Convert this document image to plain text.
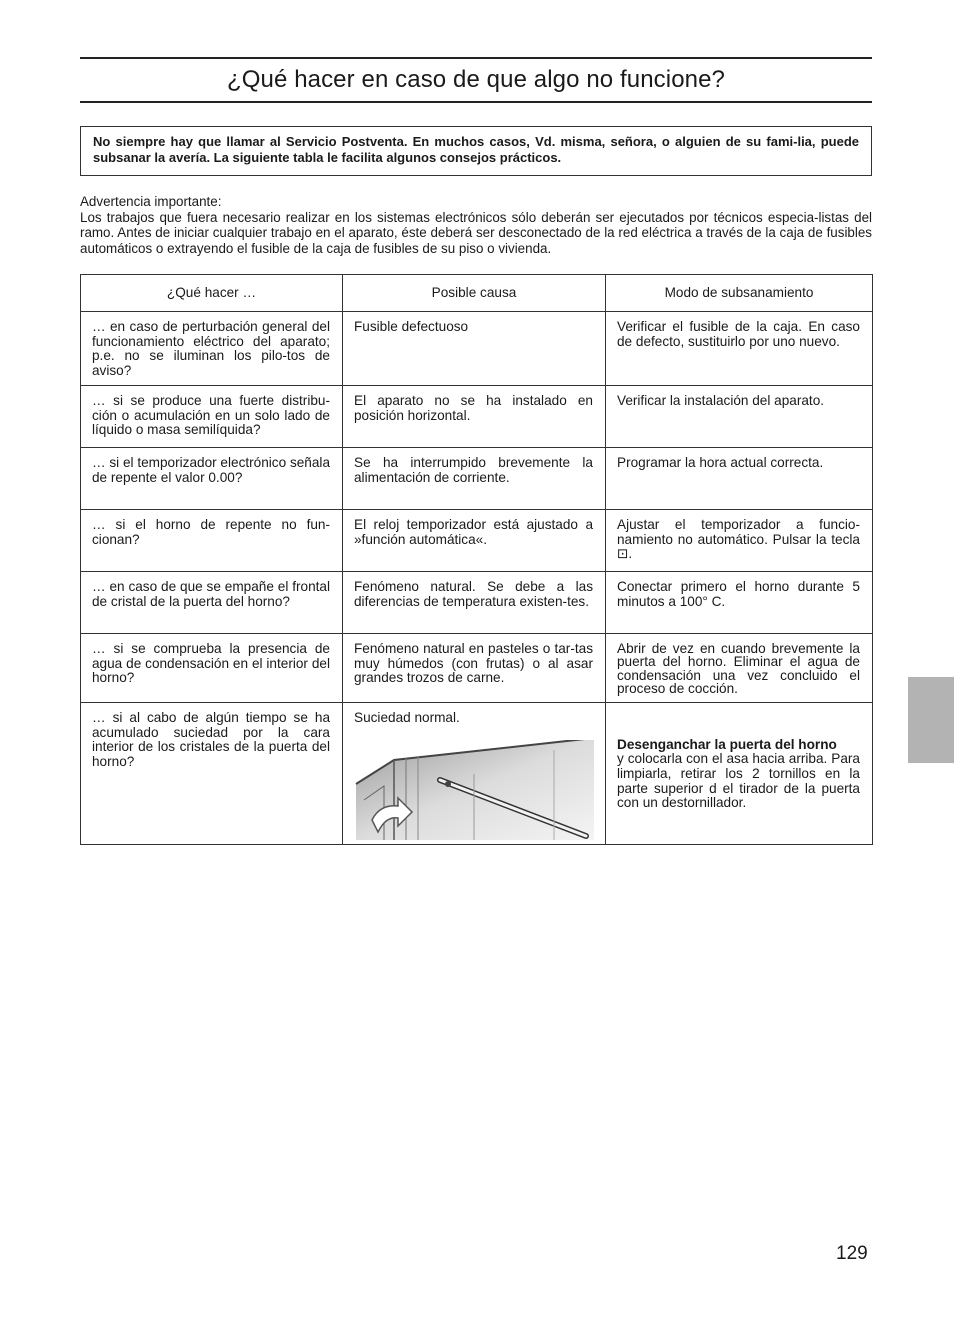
¿Qué hacer en caso de que algo no funcione?
No siempre hay que llamar al Servicio Postventa. En muchos casos, Vd. misma, señora, o alguien de su fami-lia, puede subsanar la avería. La siguiente tabla le facilita algunos consejos prácticos.
Advertencia importante:
Los trabajos que fuera necesario realizar en los sistemas electrónicos sólo deberán ser ejecutados por técnicos especia-listas del ramo. Antes de iniciar cualquier trabajo en el aparato, éste deberá ser desconectado de la red eléctrica a través de la caja de fusibles automáticos o extrayendo el fusible de la caja de fusibles de su piso o vivienda.
¿Qué hacer …	Posible causa	Modo de subsanamiento
… en caso de perturbación general del funcionamiento eléctrico del aparato; p.e. no se iluminan los pilo-tos de aviso?	Fusible defectuoso	Verificar el fusible de la caja. En caso de defecto, sustituirlo por uno nuevo.
… si se produce una fuerte distribu-ción o acumulación en un solo lado de líquido o masa semilíquida?	El aparato no se ha instalado en posición horizontal.	Verificar la instalación del aparato.
… si el temporizador electrónico señala de repente el valor 0.00?	Se ha interrumpido brevemente la alimentación de corriente.	Programar la hora actual correcta.
… si el horno de repente no fun-cionan?	El reloj temporizador está ajustado a »función automática«.	Ajustar el temporizador a funcio-namiento no automático. Pulsar la tecla ⊡.
… en caso de que se empañe el frontal de cristal de la puerta del horno?	Fenómeno natural. Se debe a las diferencias de temperatura existen-tes.	Conectar primero el horno durante 5 minutos a 100° C.
… si se comprueba la presencia de agua de condensación en el interior del horno?	Fenómeno natural en pasteles o tar-tas muy húmedos (con frutas) o al asar grandes trozos de carne.	Abrir de vez en cuando brevemente la puerta del horno. Eliminar el agua de condensación una vez concluido el proceso de cocción.
… si al cabo de algún tiempo se ha acumulado suciedad por la cara interior de los cristales de la puerta del horno?	Suciedad normal.	Desenganchar la puerta del horno
y colocarla con el asa hacia arriba. Para limpiarla, retirar los 2 tornillos en la parte superior d el tirador de la puerta con un destornillador.
129
